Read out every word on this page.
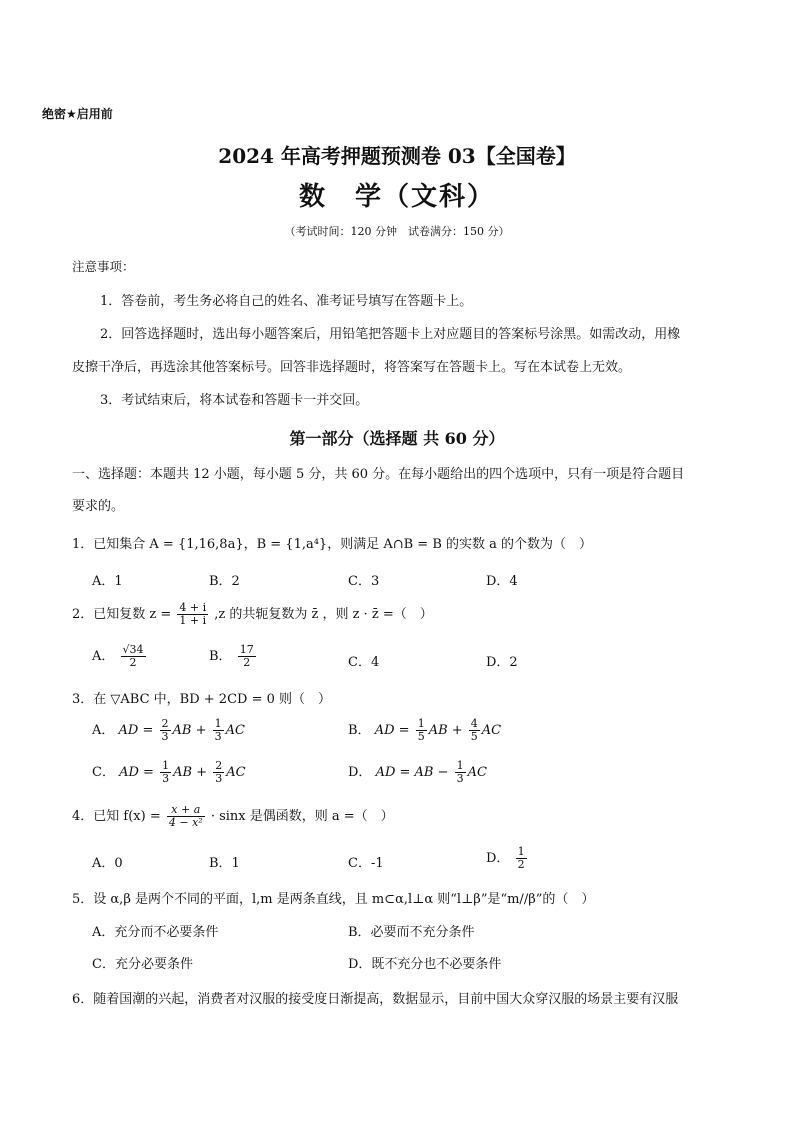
绝密★启用前
2024 年高考押题预测卷 03【全国卷】
数　学（文科）
（考试时间：120 分钟　试卷满分：150 分）
注意事项：
1．答卷前，考生务必将自己的姓名、准考证号填写在答题卡上。
2．回答选择题时，选出每小题答案后，用铅笔把答题卡上对应题目的答案标号涂黑。如需改动，用橡
皮擦干净后，再选涂其他答案标号。回答非选择题时，将答案写在答题卡上。写在本试卷上无效。
3．考试结束后，将本试卷和答题卡一并交回。
第一部分（选择题 共 60 分）
一、选择题：本题共 12 小题，每小题 5 分，共 60 分。在每小题给出的四个选项中，只有一项是符合题目
要求的。
1．已知集合 A = {1,16,8a}，B = {1,a⁴}，则满足 A∩B = B 的实数 a 的个数为（　）
A．1	B．2	C．3	D．4
2．已知复数 $z = \frac{4 + i}{1 + i} ,z$ 的共轭复数为 z̄ ，则 z · z̄ =（　）
A． $\frac{√34}{2}$	B． $\frac{17}{2}$	C．4	D．2
3．在 ▽ABC 中，BD + 2CD = 0 则（　）
A． AD = $\frac{2}{3}$ AB + $\frac{1}{3}$ AC	B． AD = $\frac{1}{5}$ AB + $\frac{4}{5}$ AC
C． AD = $\frac{1}{3}$ AB + $\frac{2}{3}$ AC	D． AD = AB − $\frac{1}{3}$ AC
4．已知 $f(x) = \frac{x + a}{\text{4 − x²}} \cdot \sin x$ 是偶函数，则 a =（　）
A．0	B．1	C．-1	D． $\frac{1}{2}$
5．设 α,β 是两个不同的平面，l,m 是两条直线，且 m⊂α,l⊥α 则“l⊥β”是“m//β”的（　）
A．充分而不必要条件	B．必要而不充分条件
C．充分必要条件	D．既不充分也不必要条件
6．随着国潮的兴起，消费者对汉服的接受度日渐提高，数据显示，目前中国大众穿汉服的场景主要有汉服
